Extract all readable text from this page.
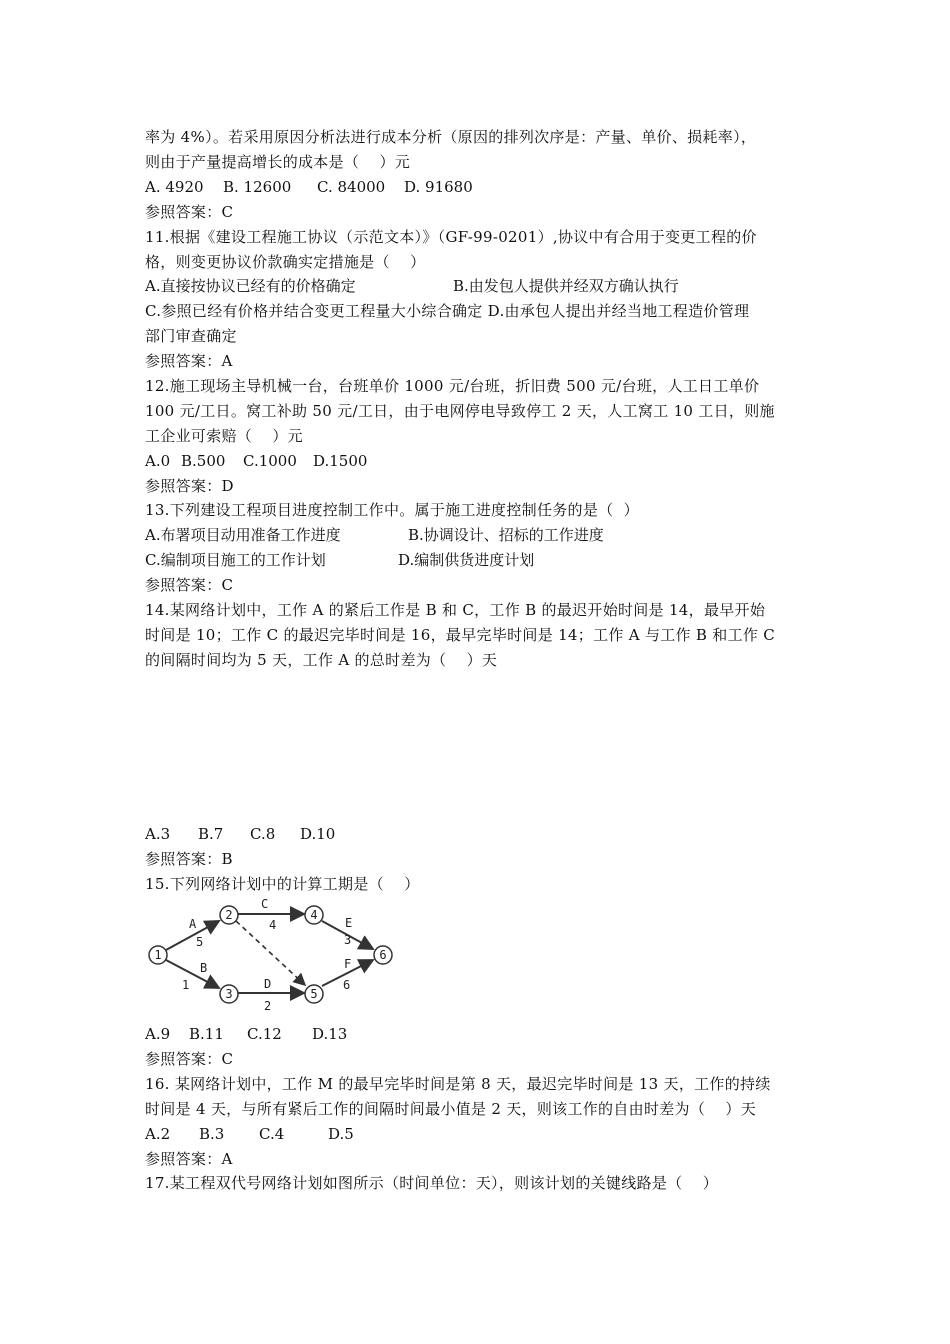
率为 4%）。若采用原因分析法进行成本分析（原因的排列次序是：产量、单价、损耗率），
则由于产量提高增长的成本是（    ）元
A. 4920 B. 12600 C. 84000 D. 91680
参照答案：C
11.根据《建设工程施工协议（示范文本）》（GF-99-0201）,协议中有合用于变更工程的价
格，则变更协议价款确实定措施是（    ）
A.直接按协议已经有的价格确定	B.由发包人提供并经双方确认执行
C.参照已经有价格并结合变更工程量大小综合确定 D.由承包人提出并经当地工程造价管理
部门审查确定
参照答案：A
12.施工现场主导机械一台，台班单价 1000 元/台班，折旧费 500 元/台班，人工日工单价
100 元/工日。窝工补助 50 元/工日，由于电网停电导致停工 2 天，人工窝工 10 工日，则施
工企业可索赔（    ）元
A.0 B.500 C.1000 D.1500
参照答案：D
13.下列建设工程项目进度控制工作中。属于施工进度控制任务的是（  ）
A.布署项目动用准备工作进度	B.协调设计、招标的工作进度
C.编制项目施工的工作计划	D.编制供货进度计划
参照答案：C
14.某网络计划中，工作 A 的紧后工作是 B 和 C，工作 B 的最迟开始时间是 14，最早开始
时间是 10；工作 C 的最迟完毕时间是 16，最早完毕时间是 14；工作 A 与工作 B 和工作 C
的间隔时间均为 5 天，工作 A 的总时差为（    ）天
A.3 B.7 C.8 D.10
参照答案：B
15.下列网络计划中的计算工期是（    ）
1
2
3
4
5
6
A
5
B
1
C
4
D
2
E
3
F
6
A.9 B.11 C.12 D.13
参照答案：C
16. 某网络计划中，工作 M 的最早完毕时间是第 8 天，最迟完毕时间是 13 天，工作的持续
时间是 4 天，与所有紧后工作的间隔时间最小值是 2 天，则该工作的自由时差为（    ）天
A.2 B.3 C.4	D.5
参照答案：A
17.某工程双代号网络计划如图所示（时间单位：天），则该计划的关键线路是（    ）
